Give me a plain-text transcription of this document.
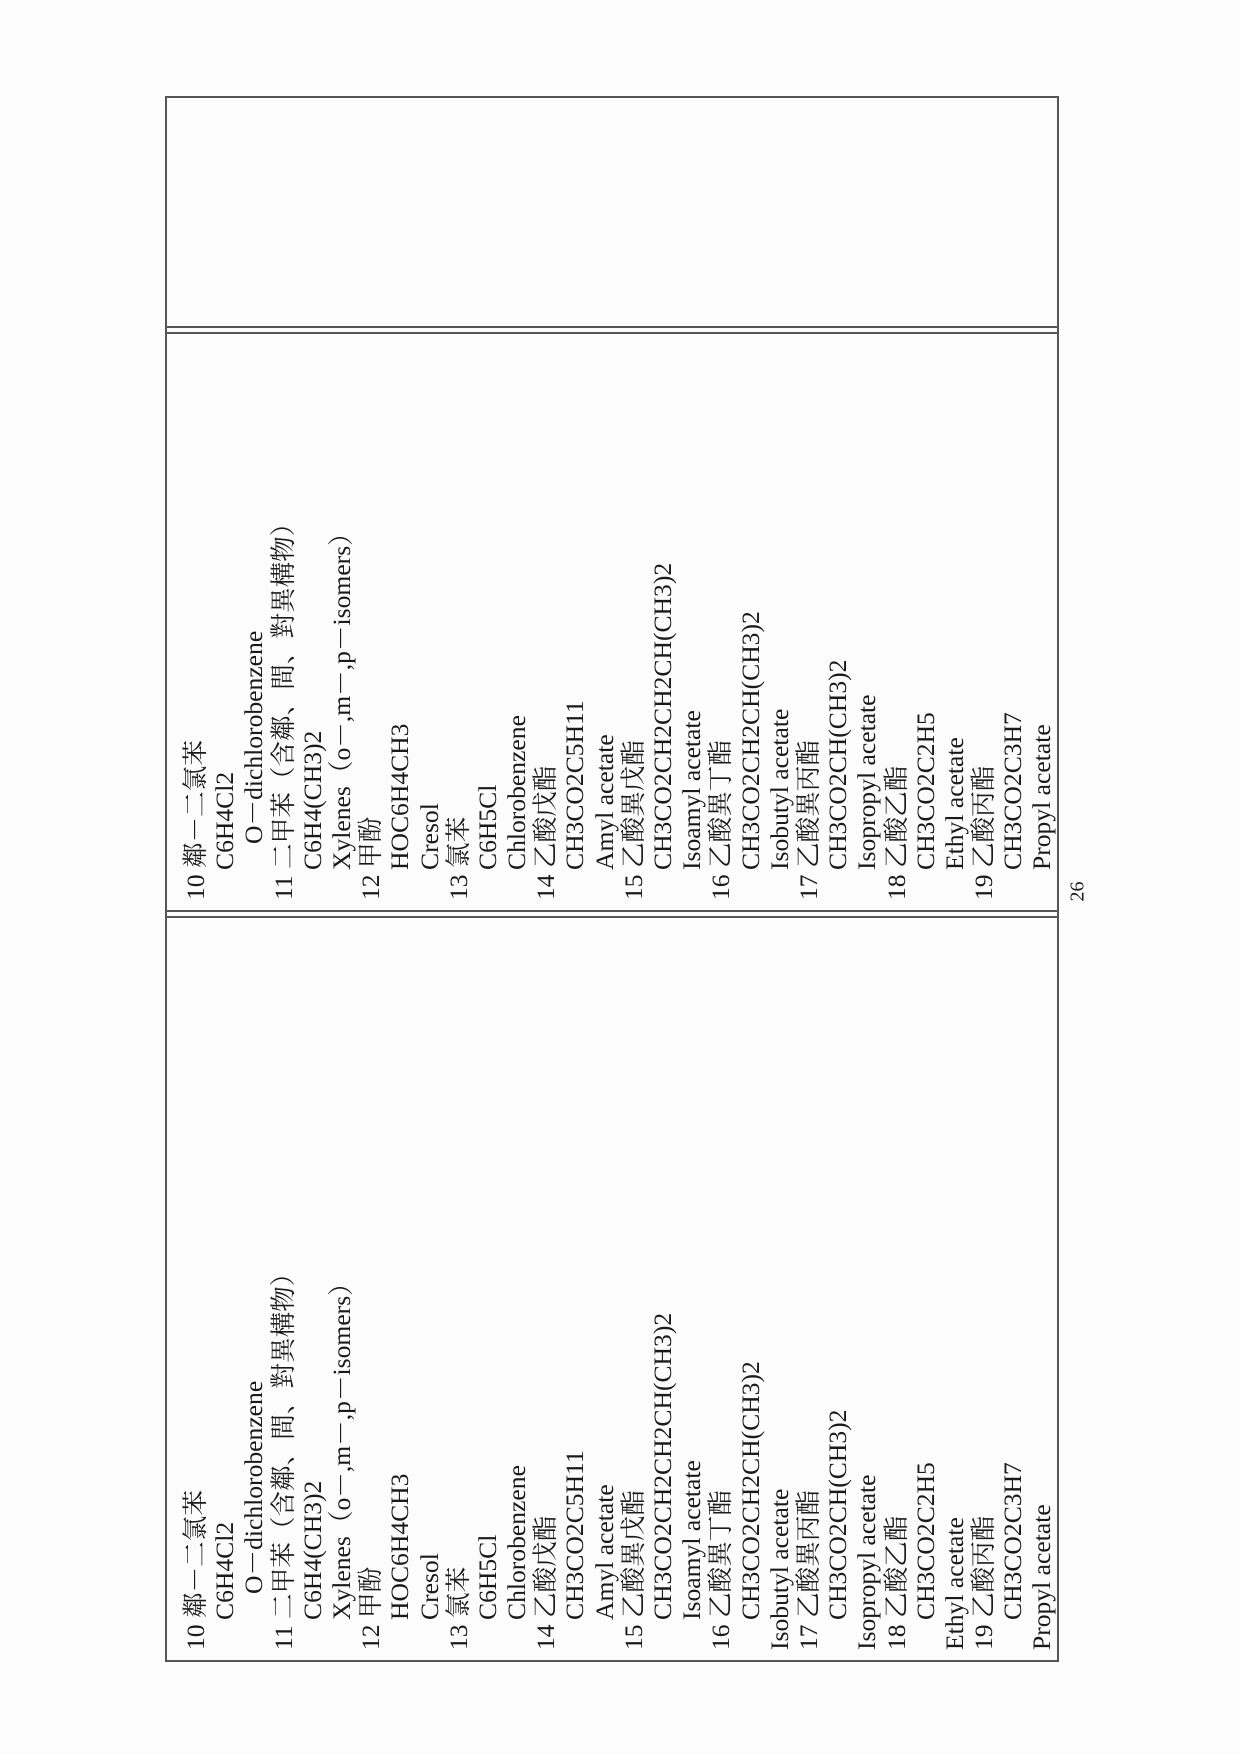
10 鄰－二氯苯 C6H4Cl2 O－dichlorobenzene 11 二甲苯（含鄰、間、對異構物） C6H4(CH3)2 Xylenes（o－,m－,p－isomers） 12 甲酚 HOC6H4CH3 Cresol 13 氯苯 C6H5Cl Chlorobenzene 14 乙酸戊酯 CH3CO2C5H11 Amyl acetate 15 乙酸異戊酯 CH3CO2CH2CH2CH(CH3)2 Isoamyl acetate 16 乙酸異丁酯 CH3CO2CH2CH(CH3)2 Isobutyl acetate 17 乙酸異丙酯 CH3CO2CH(CH3)2 Isopropyl acetate 18 乙酸乙酯 CH3CO2C2H5 Ethyl acetate 19 乙酸丙酯 CH3CO2C3H7 Propyl acetate
10 鄰－二氯苯 C6H4Cl2 O－dichlorobenzene 11 二甲苯（含鄰、間、對異構物） C6H4(CH3)2 Xylenes（o－,m－,p－isomers） 12 甲酚 HOC6H4CH3 Cresol 13 氯苯 C6H5Cl Chlorobenzene 14 乙酸戊酯 CH3CO2C5H11 Amyl acetate 15 乙酸異戊酯 CH3CO2CH2CH2CH(CH3)2 Isoamyl acetate 16 乙酸異丁酯 CH3CO2CH2CH(CH3)2 Isobutyl acetate 17 乙酸異丙酯 CH3CO2CH(CH3)2 Isopropyl acetate 18 乙酸乙酯 CH3CO2C2H5 Ethyl acetate 19 乙酸丙酯 CH3CO2C3H7 Propyl acetate
26
